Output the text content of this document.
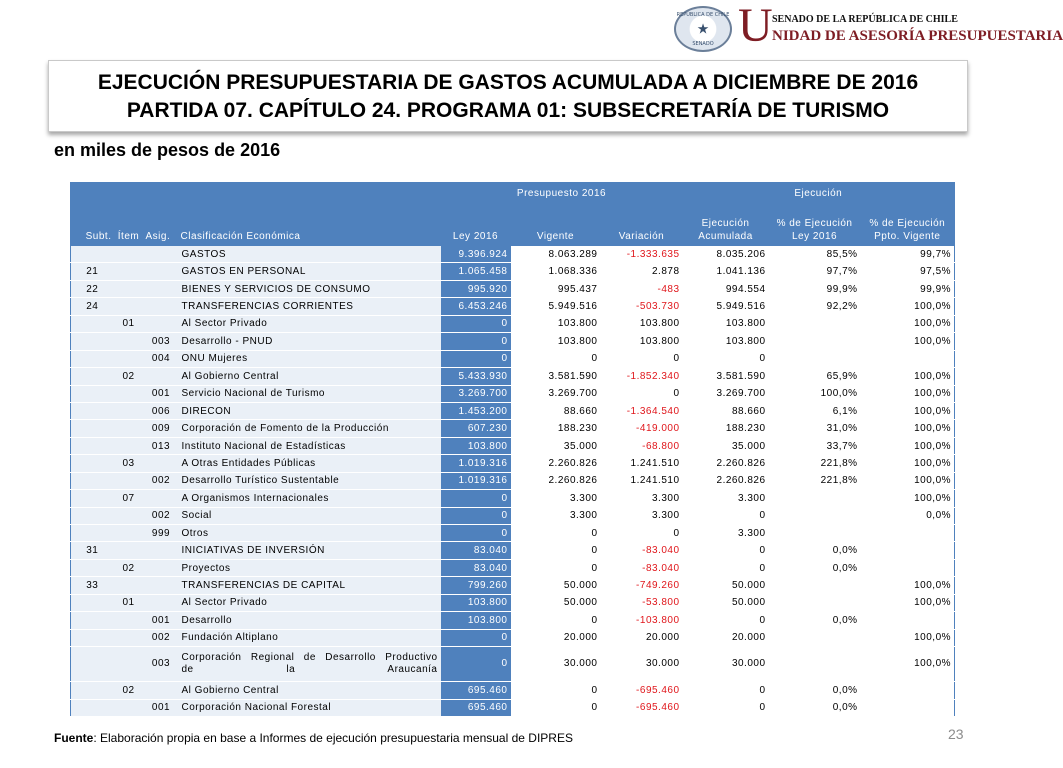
REPÚBLICA DE CHILE
★
SENADO U SENADO DE LA REPÚBLICA DE CHILE
NIDAD DE ASESORÍA PRESUPUESTARIA
EJECUCIÓN PRESUPUESTARIA DE GASTOS ACUMULADA A DICIEMBRE DE 2016
PARTIDA 07. CAPÍTULO 24. PROGRAMA 01: SUBSECRETARÍA DE TURISMO
en miles de pesos de 2016
				Presupuesto 2016			Ejecución		
Subt.	Ítem	Asig.	Clasificación Económica	Ley 2016	Vigente	Variación	Ejecución Acumulada	% de Ejecución Ley 2016	% de Ejecución Ppto. Vigente
			GASTOS	9.396.924	8.063.289	-1.333.635	8.035.206	85,5%	99,7%
21			GASTOS EN PERSONAL	1.065.458	1.068.336	2.878	1.041.136	97,7%	97,5%
22			BIENES Y SERVICIOS DE CONSUMO	995.920	995.437	-483	994.554	99,9%	99,9%
24			TRANSFERENCIAS CORRIENTES	6.453.246	5.949.516	-503.730	5.949.516	92,2%	100,0%
	01		Al Sector Privado	0	103.800	103.800	103.800		100,0%
		003	Desarrollo - PNUD	0	103.800	103.800	103.800		100,0%
		004	ONU Mujeres	0	0	0	0		
	02		Al Gobierno Central	5.433.930	3.581.590	-1.852.340	3.581.590	65,9%	100,0%
		001	Servicio Nacional de Turismo	3.269.700	3.269.700	0	3.269.700	100,0%	100,0%
		006	DIRECON	1.453.200	88.660	-1.364.540	88.660	6,1%	100,0%
		009	Corporación de Fomento de la Producción	607.230	188.230	-419.000	188.230	31,0%	100,0%
		013	Instituto Nacional de Estadísticas	103.800	35.000	-68.800	35.000	33,7%	100,0%
	03		A Otras Entidades Públicas	1.019.316	2.260.826	1.241.510	2.260.826	221,8%	100,0%
		002	Desarrollo Turístico Sustentable	1.019.316	2.260.826	1.241.510	2.260.826	221,8%	100,0%
	07		A Organismos Internacionales	0	3.300	3.300	3.300		100,0%
		002	Social	0	3.300	3.300	0		0,0%
		999	Otros	0	0	0	3.300		
31			INICIATIVAS DE INVERSIÓN	83.040	0	-83.040	0	0,0%	
	02		Proyectos	83.040	0	-83.040	0	0,0%	
33			TRANSFERENCIAS DE CAPITAL	799.260	50.000	-749.260	50.000		100,0%
	01		Al Sector Privado	103.800	50.000	-53.800	50.000		100,0%
		001	Desarrollo	103.800	0	-103.800	0	0,0%	
		002	Fundación Altiplano	0	20.000	20.000	20.000		100,0%
		003	Corporación Regional de Desarrollo Productivo de la Araucanía	0	30.000	30.000	30.000		100,0%
	02		Al Gobierno Central	695.460	0	-695.460	0	0,0%	
		001	Corporación Nacional Forestal	695.460	0	-695.460	0	0,0%	
23
Fuente: Elaboración propia en base a Informes de ejecución presupuestaria mensual de DIPRES
